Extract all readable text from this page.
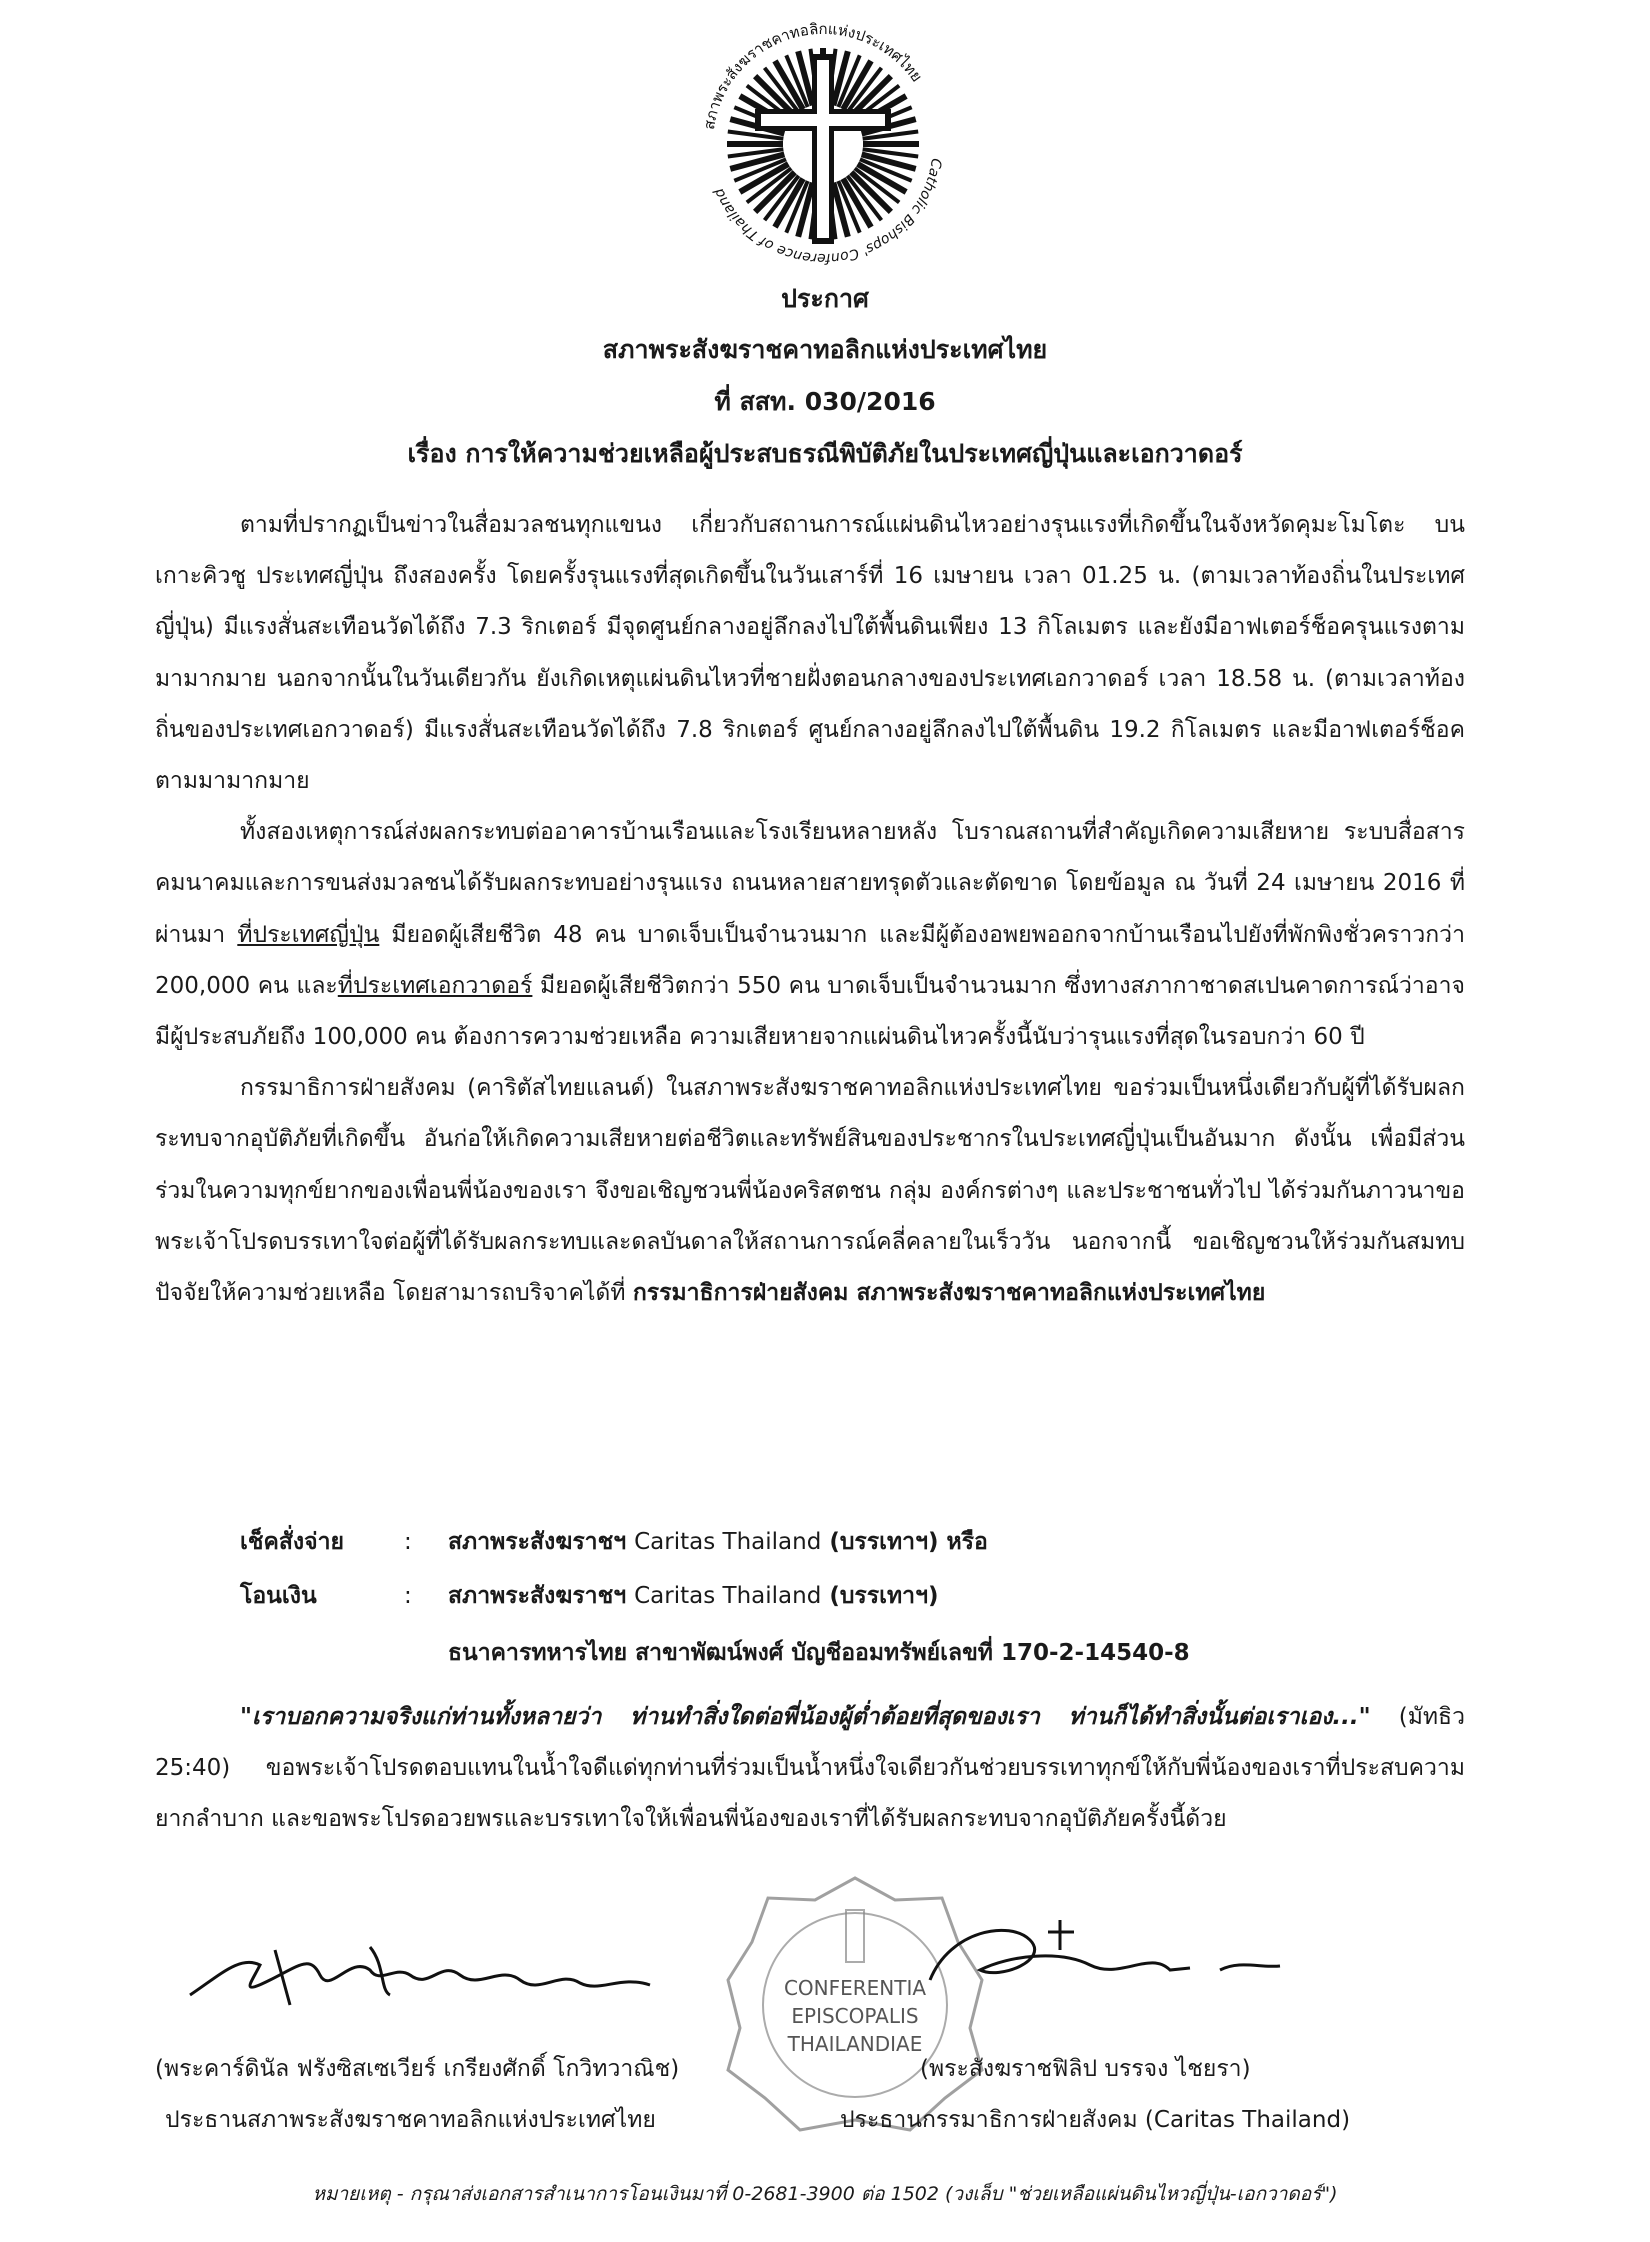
สภาพระสังฆราชคาทอลิกแห่งประเทศไทย
Catholic Bishops' Conference of Thailand
ประกาศ
สภาพระสังฆราชคาทอลิกแห่งประเทศไทย
ที่ สสท. 030/2016
เรื่อง การให้ความช่วยเหลือผู้ประสบธรณีพิบัติภัยในประเทศญี่ปุ่นและเอกวาดอร์

ตามที่ปรากฏเป็นข่าวในสื่อมวลชนทุกแขนง เกี่ยวกับสถานการณ์แผ่นดินไหวอย่างรุนแรงที่เกิดขึ้นในจังหวัดคุมะโมโตะ บนเกาะคิวชู ประเทศญี่ปุ่น ถึงสองครั้ง โดยครั้งรุนแรงที่สุดเกิดขึ้นในวันเสาร์ที่ 16 เมษายน เวลา 01.25 น. (ตามเวลาท้องถิ่นในประเทศญี่ปุ่น) มีแรงสั่นสะเทือนวัดได้ถึง 7.3 ริกเตอร์ มีจุดศูนย์กลางอยู่ลึกลงไปใต้พื้นดินเพียง 13 กิโลเมตร และยังมีอาฟเตอร์ช็อครุนแรงตามมามากมาย นอกจากนั้นในวันเดียวกัน ยังเกิดเหตุแผ่นดินไหวที่ชายฝั่งตอนกลางของประเทศเอกวาดอร์ เวลา 18.58 น. (ตามเวลาท้องถิ่นของประเทศเอกวาดอร์) มีแรงสั่นสะเทือนวัดได้ถึง 7.8 ริกเตอร์ ศูนย์กลางอยู่ลึกลงไปใต้พื้นดิน 19.2 กิโลเมตร และมีอาฟเตอร์ช็อคตามมามากมาย

ทั้งสองเหตุการณ์ส่งผลกระทบต่ออาคารบ้านเรือนและโรงเรียนหลายหลัง โบราณสถานที่สำคัญเกิดความเสียหาย ระบบสื่อสารคมนาคมและการขนส่งมวลชนได้รับผลกระทบอย่างรุนแรง ถนนหลายสายทรุดตัวและตัดขาด โดยข้อมูล ณ วันที่ 24 เมษายน 2016 ที่ผ่านมา ที่ประเทศญี่ปุ่น มียอดผู้เสียชีวิต 48 คน บาดเจ็บเป็นจำนวนมาก และมีผู้ต้องอพยพออกจากบ้านเรือนไปยังที่พักพิงชั่วคราวกว่า 200,000 คน และที่ประเทศเอกวาดอร์ มียอดผู้เสียชีวิตกว่า 550 คน บาดเจ็บเป็นจำนวนมาก ซึ่งทางสภากาชาดสเปนคาดการณ์ว่าอาจมีผู้ประสบภัยถึง 100,000 คน ต้องการความช่วยเหลือ ความเสียหายจากแผ่นดินไหวครั้งนี้นับว่ารุนแรงที่สุดในรอบกว่า 60 ปี

กรรมาธิการฝ่ายสังคม (คาริตัสไทยแลนด์) ในสภาพระสังฆราชคาทอลิกแห่งประเทศไทย ขอร่วมเป็นหนึ่งเดียวกับผู้ที่ได้รับผลกระทบจากอุบัติภัยที่เกิดขึ้น อันก่อให้เกิดความเสียหายต่อชีวิตและทรัพย์สินของประชากรในประเทศญี่ปุ่นเป็นอันมาก ดังนั้น เพื่อมีส่วนร่วมในความทุกข์ยากของเพื่อนพี่น้องของเรา จึงขอเชิญชวนพี่น้องคริสตชน กลุ่ม องค์กรต่างๆ และประชาชนทั่วไป ได้ร่วมกันภาวนาขอพระเจ้าโปรดบรรเทาใจต่อผู้ที่ได้รับผลกระทบและดลบันดาลให้สถานการณ์คลี่คลายในเร็ววัน นอกจากนี้ ขอเชิญชวนให้ร่วมกันสมทบปัจจัยให้ความช่วยเหลือ โดยสามารถบริจาคได้ที่ กรรมาธิการฝ่ายสังคม สภาพระสังฆราชคาทอลิกแห่งประเทศไทย

เช็คสั่งจ่าย	: สภาพระสังฆราชฯ Caritas Thailand (บรรเทาฯ) หรือ
โอนเงิน	: สภาพระสังฆราชฯ Caritas Thailand (บรรเทาฯ)
ธนาคารทหารไทย สาขาพัฒน์พงศ์ บัญชีออมทรัพย์เลขที่ 170-2-14540-8

"เราบอกความจริงแก่ท่านทั้งหลายว่า ท่านทำสิ่งใดต่อพี่น้องผู้ต่ำต้อยที่สุดของเรา ท่านก็ได้ทำสิ่งนั้นต่อเราเอง..." (มัทธิว 25:40) ขอพระเจ้าโปรดตอบแทนในน้ำใจดีแด่ทุกท่านที่ร่วมเป็นน้ำหนึ่งใจเดียวกันช่วยบรรเทาทุกข์ให้กับพี่น้องของเราที่ประสบความยากลำบาก และขอพระโปรดอวยพรและบรรเทาใจให้เพื่อนพี่น้องของเราที่ได้รับผลกระทบจากอุบัติภัยครั้งนี้ด้วย

CONFERENTIA
EPISCOPALIS
THAILANDIAE
(พระคาร์ดินัล ฟรังซิสเซเวียร์ เกรียงศักดิ์ โกวิทวาณิช)
ประธานสภาพระสังฆราชคาทอลิกแห่งประเทศไทย
(พระสังฆราชฟิลิป บรรจง ไชยรา)
ประธานกรรมาธิการฝ่ายสังคม (Caritas Thailand)
หมายเหตุ - กรุณาส่งเอกสารสำเนาการโอนเงินมาที่ 0-2681-3900 ต่อ 1502 (วงเล็บ "ช่วยเหลือแผ่นดินไหวญี่ปุ่น-เอกวาดอร์")
